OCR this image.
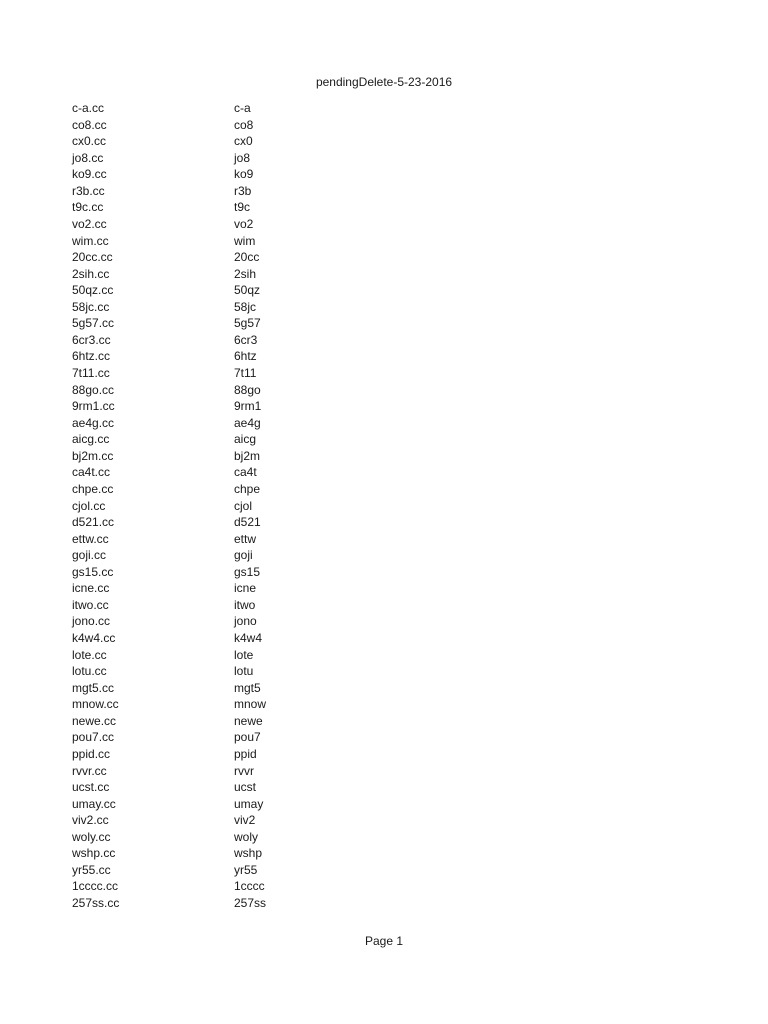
pendingDelete-5-23-2016
c-a.cc	c-a
co8.cc	co8
cx0.cc	cx0
jo8.cc	jo8
ko9.cc	ko9
r3b.cc	r3b
t9c.cc	t9c
vo2.cc	vo2
wim.cc	wim
20cc.cc	20cc
2sih.cc	2sih
50qz.cc	50qz
58jc.cc	58jc
5g57.cc	5g57
6cr3.cc	6cr3
6htz.cc	6htz
7t11.cc	7t11
88go.cc	88go
9rm1.cc	9rm1
ae4g.cc	ae4g
aicg.cc	aicg
bj2m.cc	bj2m
ca4t.cc	ca4t
chpe.cc	chpe
cjol.cc	cjol
d521.cc	d521
ettw.cc	ettw
goji.cc	goji
gs15.cc	gs15
icne.cc	icne
itwo.cc	itwo
jono.cc	jono
k4w4.cc	k4w4
lote.cc	lote
lotu.cc	lotu
mgt5.cc	mgt5
mnow.cc	mnow
newe.cc	newe
pou7.cc	pou7
ppid.cc	ppid
rvvr.cc	rvvr
ucst.cc	ucst
umay.cc	umay
viv2.cc	viv2
woly.cc	woly
wshp.cc	wshp
yr55.cc	yr55
1cccc.cc	1cccc
257ss.cc	257ss
Page 1
